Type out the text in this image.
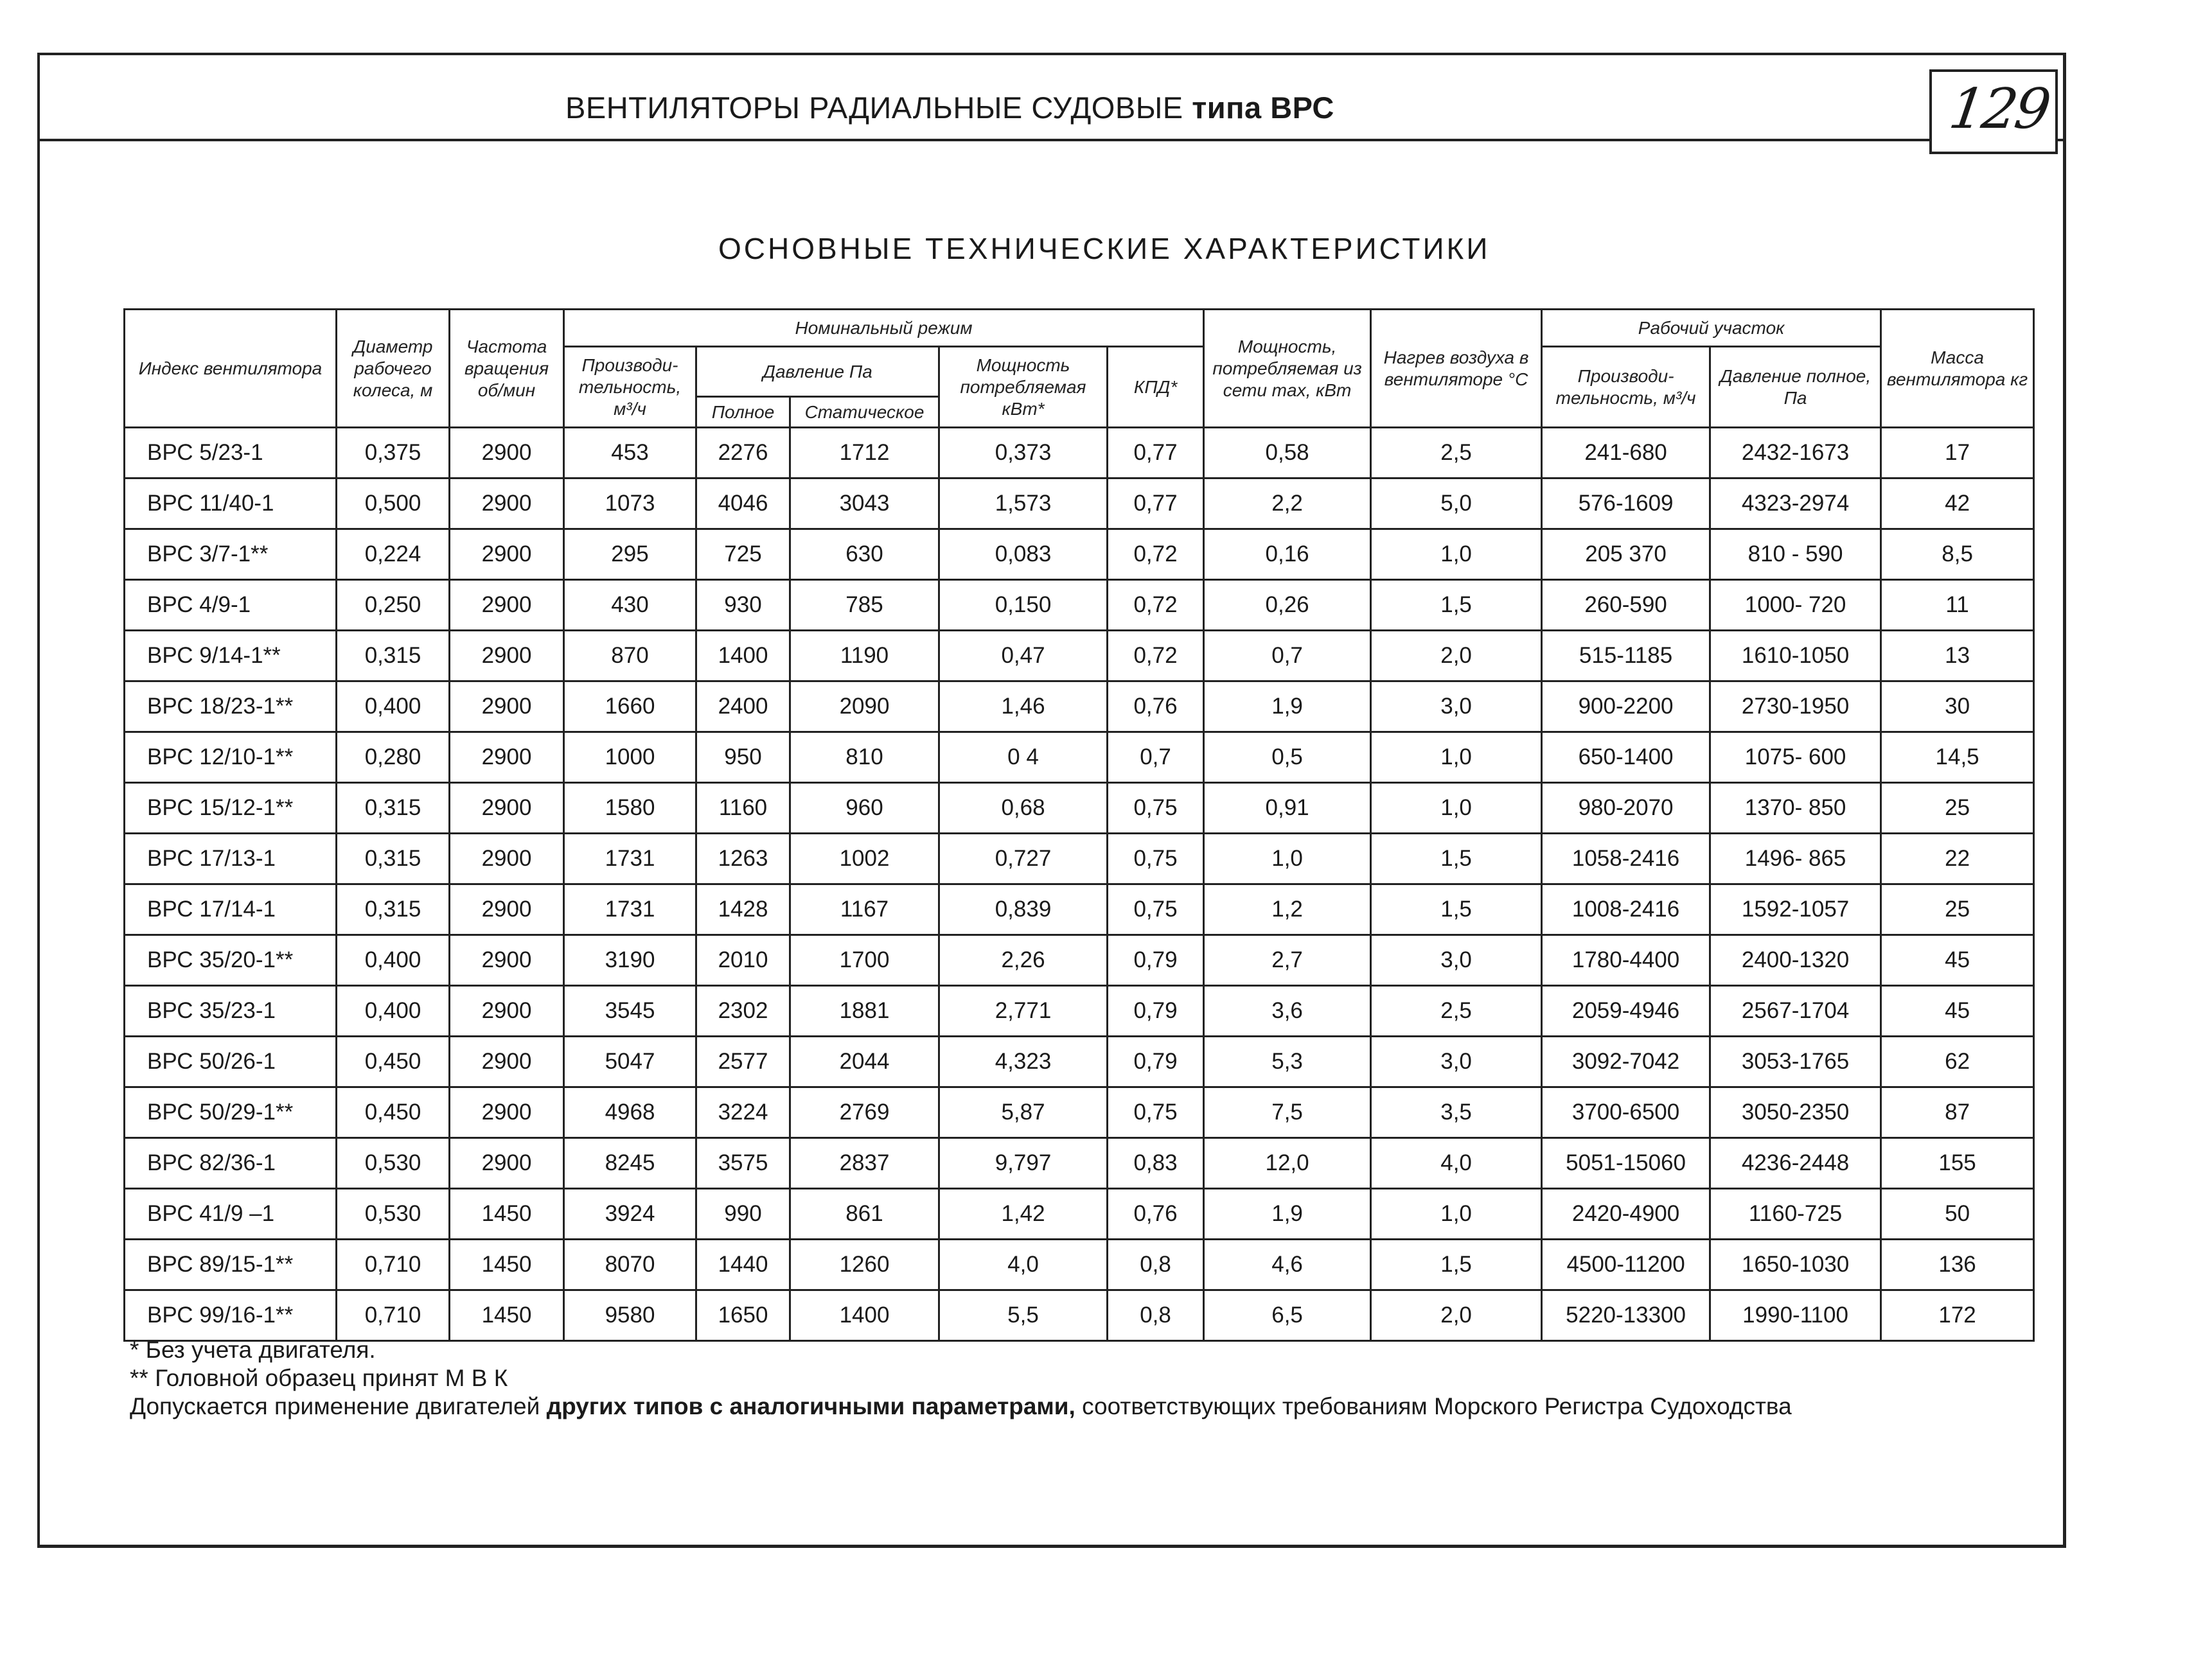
ВЕНТИЛЯТОРЫ РАДИАЛЬНЫЕ СУДОВЫЕ типа ВРС	129
ОСНОВНЫЕ ТЕХНИЧЕСКИЕ ХАРАКТЕРИСТИКИ
Индекс вентилятора	Диаметр рабочего колеса, м	Частота вращения об/мин	Номинальный режим					Мощность, потребляемая из сети max, кВт	Нагрев воздуха в вентиляторе °С	Рабочий участок		Масса вентилятора кг
			Производи-тельность, м³/ч	Давление Па		Мощность потребляемая кВт*	КПД*			Производи-тельность, м³/ч	Давление полное, Па	
				Полное	Статическое							
ВРС 5/23-1	0,375	2900	453	2276	1712	0,373	0,77	0,58	2,5	241-680	2432-1673	17
ВРС 11/40-1	0,500	2900	1073	4046	3043	1,573	0,77	2,2	5,0	576-1609	4323-2974	42
ВРС 3/7-1**	0,224	2900	295	725	630	0,083	0,72	0,16	1,0	205 370	810 - 590	8,5
ВРС 4/9-1	0,250	2900	430	930	785	0,150	0,72	0,26	1,5	260-590	1000- 720	11
ВРС 9/14-1**	0,315	2900	870	1400	1190	0,47	0,72	0,7	2,0	515-1185	1610-1050	13
ВРС 18/23-1**	0,400	2900	1660	2400	2090	1,46	0,76	1,9	3,0	900-2200	2730-1950	30
ВРС 12/10-1**	0,280	2900	1000	950	810	0 4	0,7	0,5	1,0	650-1400	1075- 600	14,5
ВРС 15/12-1**	0,315	2900	1580	1160	960	0,68	0,75	0,91	1,0	980-2070	1370- 850	25
ВРС 17/13-1	0,315	2900	1731	1263	1002	0,727	0,75	1,0	1,5	1058-2416	1496- 865	22
ВРС 17/14-1	0,315	2900	1731	1428	1167	0,839	0,75	1,2	1,5	1008-2416	1592-1057	25
ВРС 35/20-1**	0,400	2900	3190	2010	1700	2,26	0,79	2,7	3,0	1780-4400	2400-1320	45
ВРС 35/23-1	0,400	2900	3545	2302	1881	2,771	0,79	3,6	2,5	2059-4946	2567-1704	45
ВРС 50/26-1	0,450	2900	5047	2577	2044	4,323	0,79	5,3	3,0	3092-7042	3053-1765	62
ВРС 50/29-1**	0,450	2900	4968	3224	2769	5,87	0,75	7,5	3,5	3700-6500	3050-2350	87
ВРС 82/36-1	0,530	2900	8245	3575	2837	9,797	0,83	12,0	4,0	5051-15060	4236-2448	155
ВРС 41/9 –1	0,530	1450	3924	990	861	1,42	0,76	1,9	1,0	2420-4900	1160-725	50
ВРС 89/15-1**	0,710	1450	8070	1440	1260	4,0	0,8	4,6	1,5	4500-11200	1650-1030	136
ВРС 99/16-1**	0,710	1450	9580	1650	1400	5,5	0,8	6,5	2,0	5220-13300	1990-1100	172
* Без учета двигателя.
** Головной образец принят М В К
Допускается применение двигателей других типов с аналогичными параметрами, соответствующих требованиям Морского Регистра Судоходства
